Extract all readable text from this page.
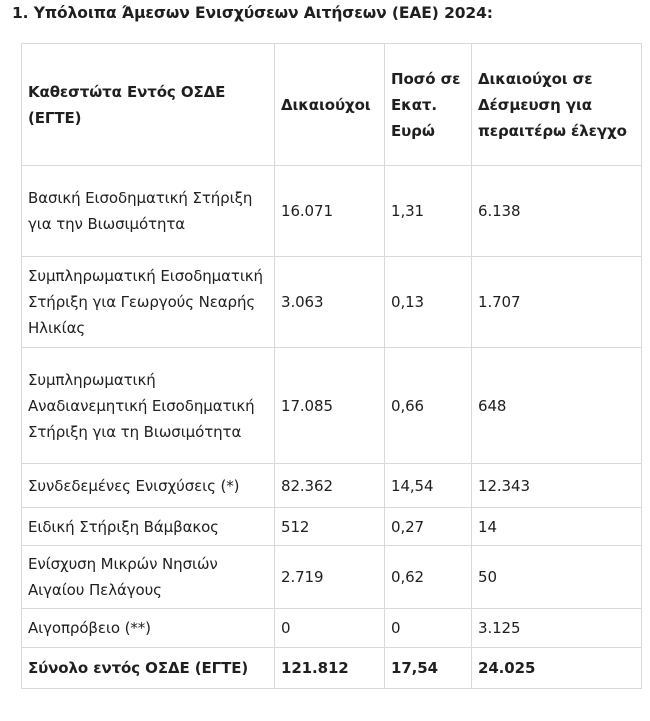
1. Υπόλοιπα Άμεσων Ενισχύσεων Αιτήσεων (ΕΑΕ) 2024:
Καθεστώτα Εντός ΟΣΔΕ (ΕΓΤΕ)	Δικαιούχοι	Ποσό σε Εκατ. Ευρώ	Δικαιούχοι σε Δέσμευση για περαιτέρω έλεγχο
Βασική Εισοδηματική Στήριξη για την Βιωσιμότητα	16.071	1,31	6.138
Συμπληρωματική Εισοδηματική Στήριξη για Γεωργούς Νεαρής Ηλικίας	3.063	0,13	1.707
Συμπληρωματική Αναδιανεμητική Εισοδηματική Στήριξη για τη Βιωσιμότητα	17.085	0,66	648
Συνδεδεμένες Ενισχύσεις (*)	82.362	14,54	12.343
Ειδική Στήριξη Βάμβακος	512	0,27	14
Ενίσχυση Μικρών Νησιών Αιγαίου Πελάγους	2.719	0,62	50
Αιγοπρόβειο (**)	0	0	3.125
Σύνολο εντός ΟΣΔΕ (ΕΓΤΕ)	121.812	17,54	24.025
